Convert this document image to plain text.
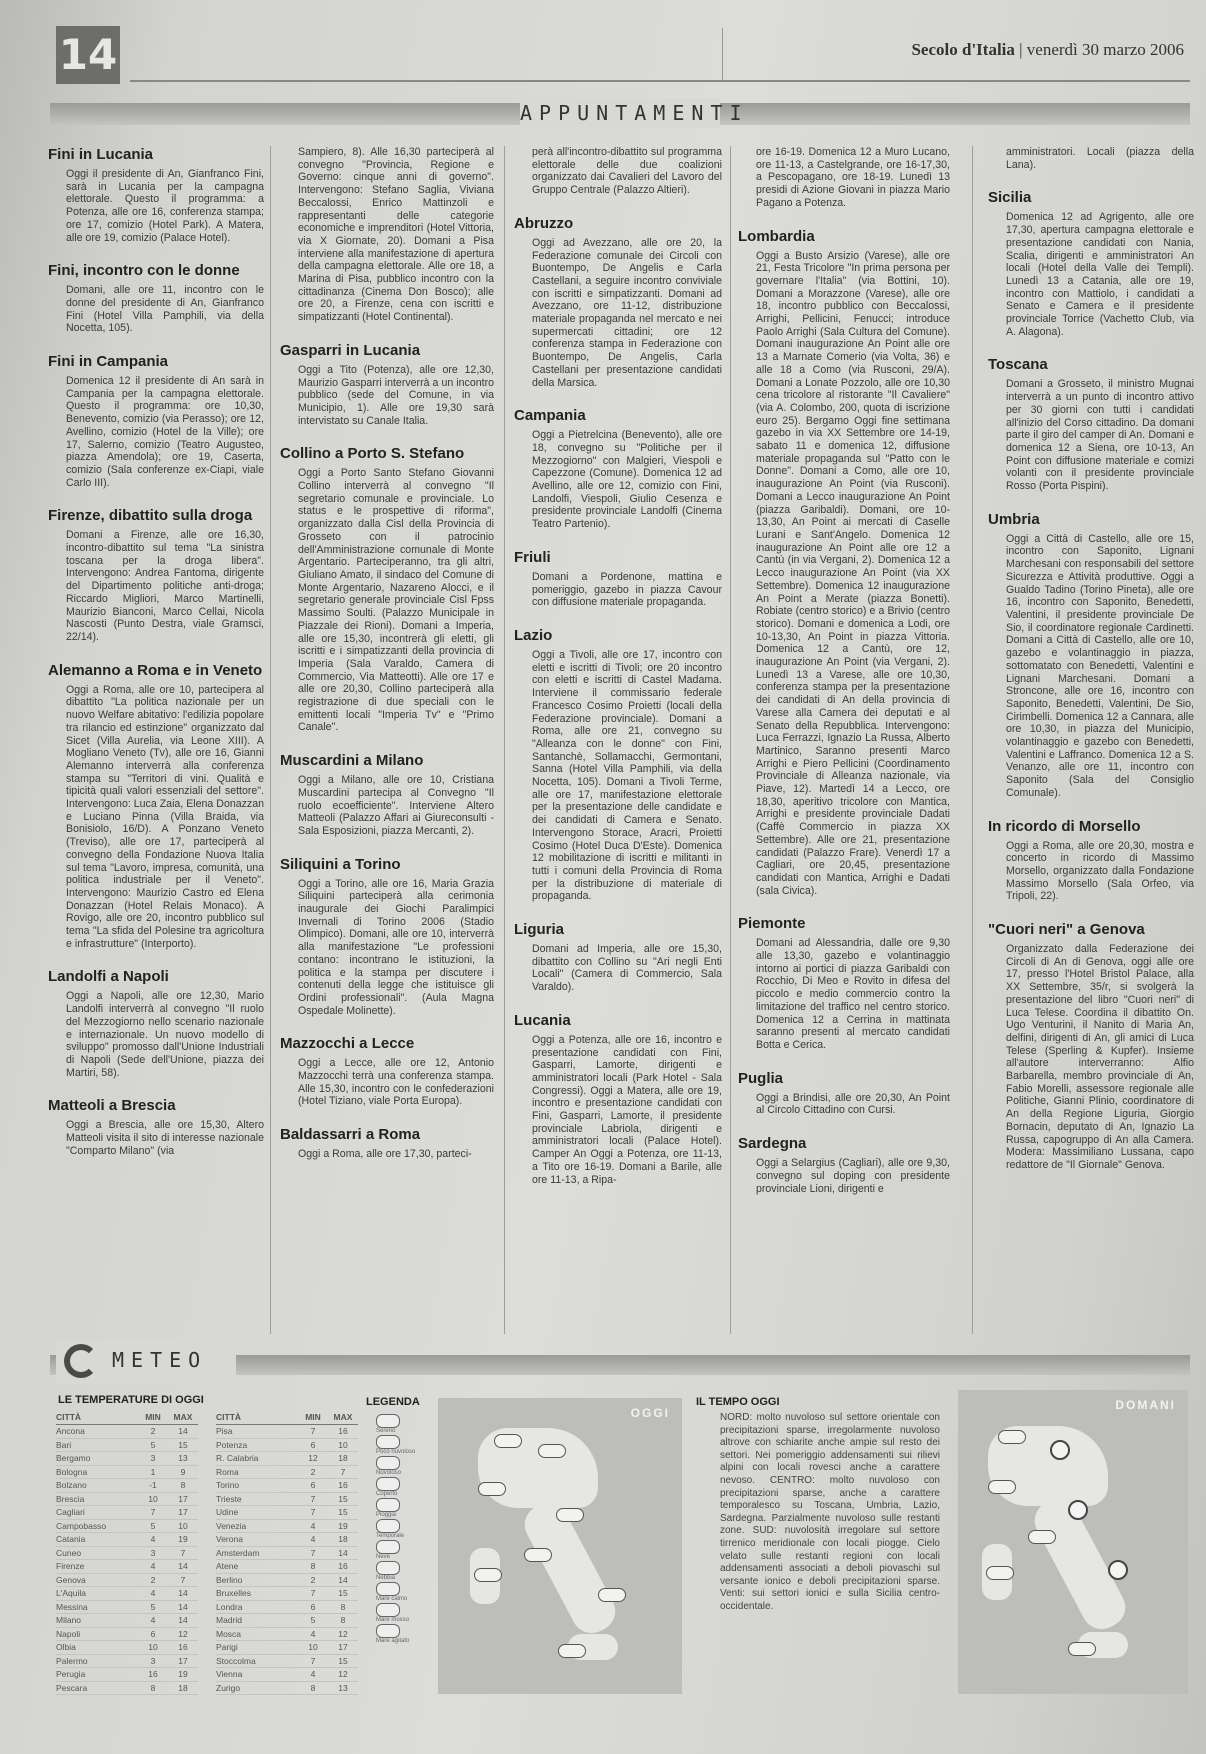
14	Secolo d'Italia | venerdì 30 marzo 2006
APPUNTAMENTI
Fini in Lucania
Oggi il presidente di An, Gianfranco Fini, sarà in Lucania per la campagna elettorale. Questo il programma: a Potenza, alle ore 16, conferenza stampa; ore 17, comizio (Hotel Park). A Matera, alle ore 19, comizio (Palace Hotel).
Fini, incontro con le donne
Domani, alle ore 11, incontro con le donne del presidente di An, Gianfranco Fini (Hotel Villa Pamphili, via della Nocetta, 105).
Fini in Campania
Domenica 12 il presidente di An sarà in Campania per la campagna elettorale. Questo il programma: ore 10,30, Benevento, comizio (via Perasso); ore 12, Avellino, comizio (Hotel de la Ville); ore 17, Salerno, comizio (Teatro Augusteo, piazza Amendola); ore 19, Caserta, comizio (Sala conferenze ex-Ciapi, viale Carlo III).
Firenze, dibattito sulla droga
Domani a Firenze, alle ore 16,30, incontro-dibattito sul tema "La sinistra toscana per la droga libera". Intervengono: Andrea Fantoma, dirigente del Dipartimento politiche anti-droga; Riccardo Migliori, Marco Martinelli, Maurizio Bianconi, Marco Cellai, Nicola Nascosti (Punto Destra, viale Gramsci, 22/14).
Alemanno a Roma e in Veneto
Oggi a Roma, alle ore 10, partecipera al dibattito "La politica nazionale per un nuovo Welfare abitativo: l'edilizia popolare tra rilancio ed estinzione" organizzato dal Sicet (Villa Aurelia, via Leone XIII). A Mogliano Veneto (Tv), alle ore 16, Gianni Alemanno interverrà alla conferenza stampa su "Territori di vini. Qualità e tipicità quali valori essenziali del settore". Intervengono: Luca Zaia, Elena Donazzan e Luciano Pinna (Villa Braida, via Bonisiolo, 16/D). A Ponzano Veneto (Treviso), alle ore 17, parteciperà al convegno della Fondazione Nuova Italia sul tema "Lavoro, impresa, comunità, una politica industriale per il Veneto". Intervengono: Maurizio Castro ed Elena Donazzan (Hotel Relais Monaco). A Rovigo, alle ore 20, incontro pubblico sul tema "La sfida del Polesine tra agricoltura e infrastrutture" (Interporto).
Landolfi a Napoli
Oggi a Napoli, alle ore 12,30, Mario Landolfi interverrà al convegno "Il ruolo del Mezzogiorno nello scenario nazionale e internazionale. Un nuovo modello di sviluppo" promosso dall'Unione Industriali di Napoli (Sede dell'Unione, piazza dei Martiri, 58).
Matteoli a Brescia
Oggi a Brescia, alle ore 15,30, Altero Matteoli visita il sito di interesse nazionale "Comparto Milano" (via
Sampiero, 8). Alle 16,30 parteciperà al convegno "Provincia, Regione e Governo: cinque anni di governo". Intervengono: Stefano Saglia, Viviana Beccalossi, Enrico Mattinzoli e rappresentanti delle categorie economiche e imprenditori (Hotel Vittoria, via X Giornate, 20). Domani a Pisa interviene alla manifestazione di apertura della campagna elettorale. Alle ore 18, a Marina di Pisa, pubblico incontro con la cittadinanza (Cinema Don Bosco); alle ore 20, a Firenze, cena con iscritti e simpatizzanti (Hotel Continental).
Gasparri in Lucania
Oggi a Tito (Potenza), alle ore 12,30, Maurizio Gasparri interverrà a un incontro pubblico (sede del Comune, in via Municipio, 1). Alle ore 19,30 sarà intervistato su Canale Italia.
Collino a Porto S. Stefano
Oggi a Porto Santo Stefano Giovanni Collino interverrà al convegno "Il segretario comunale e provinciale. Lo status e le prospettive di riforma", organizzato dalla Cisl della Provincia di Grosseto con il patrocinio dell'Amministrazione comunale di Monte Argentario. Parteciperanno, tra gli altri, Giuliano Amato, il sindaco del Comune di Monte Argentario, Nazareno Alocci, e il segretario generale provinciale Cisl Fpss Massimo Soulti. (Palazzo Municipale in Piazzale dei Rioni). Domani a Imperia, alle ore 15,30, incontrerà gli eletti, gli iscritti e i simpatizzanti della provincia di Imperia (Sala Varaldo, Camera di Commercio, Via Matteotti). Alle ore 17 e alle ore 20,30, Collino parteciperà alla registrazione di due speciali con le emittenti locali "Imperia Tv" e "Primo Canale".
Muscardini a Milano
Oggi a Milano, alle ore 10, Cristiana Muscardini partecipa al Convegno "Il ruolo ecoefficiente". Interviene Altero Matteoli (Palazzo Affari ai Giureconsulti - Sala Esposizioni, piazza Mercanti, 2).
Siliquini a Torino
Oggi a Torino, alle ore 16, Maria Grazia Siliquini parteciperà alla cerimonia inaugurale dei Giochi Paralimpici Invernali di Torino 2006 (Stadio Olimpico). Domani, alle ore 10, interverrà alla manifestazione "Le professioni contano: incontrano le istituzioni, la politica e la stampa per discutere i contenuti della legge che istituisce gli Ordini professionali". (Aula Magna Ospedale Molinette).
Mazzocchi a Lecce
Oggi a Lecce, alle ore 12, Antonio Mazzocchi terrà una conferenza stampa. Alle 15,30, incontro con le confederazioni (Hotel Tiziano, viale Porta Europa).
Baldassarri a Roma
Oggi a Roma, alle ore 17,30, parteci-
perà all'incontro-dibattito sul programma elettorale delle due coalizioni organizzato dai Cavalieri del Lavoro del Gruppo Centrale (Palazzo Altieri).
Abruzzo
Oggi ad Avezzano, alle ore 20, la Federazione comunale dei Circoli con Buontempo, De Angelis e Carla Castellani, a seguire incontro conviviale con iscritti e simpatizzanti. Domani ad Avezzano, ore 11-12, distribuzione materiale propaganda nel mercato e nei supermercati cittadini; ore 12 conferenza stampa in Federazione con Buontempo, De Angelis, Carla Castellani per presentazione candidati della Marsica.
Campania
Oggi a Pietrelcina (Benevento), alle ore 18, convegno su "Politiche per il Mezzogiorno" con Malgieri, Viespoli e Capezzone (Comune). Domenica 12 ad Avellino, alle ore 12, comizio con Fini, Landolfi, Viespoli, Giulio Cesenza e presidente provinciale Landolfi (Cinema Teatro Partenio).
Friuli
Domani a Pordenone, mattina e pomeriggio, gazebo in piazza Cavour con diffusione materiale propaganda.
Lazio
Oggi a Tivoli, alle ore 17, incontro con eletti e iscritti di Tivoli; ore 20 incontro con eletti e iscritti di Castel Madama. Interviene il commissario federale Francesco Cosimo Proietti (locali della Federazione provinciale). Domani a Roma, alle ore 21, convegno su "Alleanza con le donne" con Fini, Santanchè, Sollamacchi, Germontani, Sanna (Hotel Villa Pamphili, via della Nocetta, 105). Domani a Tivoli Terme, alle ore 17, manifestazione elettorale per la presentazione delle candidate e dei candidati di Camera e Senato. Intervengono Storace, Aracri, Proietti Cosimo (Hotel Duca D'Este). Domenica 12 mobilitazione di iscritti e militanti in tutti i comuni della Provincia di Roma per la distribuzione di materiale di propaganda.
Liguria
Domani ad Imperia, alle ore 15,30, dibattito con Collino su "Ari negli Enti Locali" (Camera di Commercio, Sala Varaldo).
Lucania
Oggi a Potenza, alle ore 16, incontro e presentazione candidati con Fini, Gasparri, Lamorte, dirigenti e amministratori locali (Park Hotel - Sala Congressi). Oggi a Matera, alle ore 19, incontro e presentazione candidati con Fini, Gasparri, Lamorte, il presidente provinciale Labriola, dirigenti e amministratori locali (Palace Hotel). Camper An Oggi a Potenza, ore 11-13, a Tito ore 16-19. Domani a Barile, alle ore 11-13, a Ripa-
ore 16-19. Domenica 12 a Muro Lucano, ore 11-13, a Castelgrande, ore 16-17,30, a Pescopagano, ore 18-19. Lunedì 13 presidi di Azione Giovani in piazza Mario Pagano a Potenza.
Lombardia
Oggi a Busto Arsizio (Varese), alle ore 21, Festa Tricolore "In prima persona per governare l'Italia" (via Bottini, 10). Domani a Morazzone (Varese), alle ore 18, incontro pubblico con Beccalossi, Arrighi, Pellicini, Fenucci; introduce Paolo Arrighi (Sala Cultura del Comune). Domani inaugurazione An Point alle ore 13 a Marnate Comerio (via Volta, 36) e alle 18 a Como (via Rusconi, 29/A). Domani a Lonate Pozzolo, alle ore 10,30 cena tricolore al ristorante "Il Cavaliere" (via A. Colombo, 200, quota di iscrizione euro 25). Bergamo Oggi fine settimana gazebo in via XX Settembre ore 14-19, sabato 11 e domenica 12, diffusione materiale propaganda sul "Patto con le Donne". Domani a Como, alle ore 10, inaugurazione An Point (via Rusconi). Domani a Lecco inaugurazione An Point (piazza Garibaldi). Domani, ore 10-13,30, An Point ai mercati di Caselle Lurani e Sant'Angelo. Domenica 12 inaugurazione An Point alle ore 12 a Cantù (in via Vergani, 2). Domenica 12 a Lecco inaugurazione An Point (via XX Settembre). Domenica 12 inaugurazione An Point a Merate (piazza Bonetti). Robiate (centro storico) e a Brivio (centro storico). Domani e domenica a Lodi, ore 10-13,30, An Point in piazza Vittoria. Domenica 12 a Cantù, ore 12, inaugurazione An Point (via Vergani, 2). Lunedì 13 a Varese, alle ore 10,30, conferenza stampa per la presentazione dei candidati di An della provincia di Varese alla Camera dei deputati e al Senato della Repubblica. Intervengono: Luca Ferrazzi, Ignazio La Russa, Alberto Martinico, Saranno presenti Marco Arrighi e Piero Pellicini (Coordinamento Provinciale di Alleanza nazionale, via Piave, 12). Martedì 14 a Lecco, ore 18,30, aperitivo tricolore con Mantica, Arrighi e presidente provinciale Dadati (Caffè Commercio in piazza XX Settembre). Alle ore 21, presentazione candidati (Palazzo Frare). Venerdì 17 a Cagliari, ore 20,45, presentazione candidati con Mantica, Arrighi e Dadati (sala Civica).
Piemonte
Domani ad Alessandria, dalle ore 9,30 alle 13,30, gazebo e volantinaggio intorno ai portici di piazza Garibaldi con Rocchio, Di Meo e Rovito in difesa del piccolo e medio commercio contro la limitazione del traffico nel centro storico. Domenica 12 a Cerrina in mattinata saranno presenti al mercato candidati Botta e Cerica.
Puglia
Oggi a Brindisi, alle ore 20,30, An Point al Circolo Cittadino con Cursi.
Sardegna
Oggi a Selargius (Cagliari), alle ore 9,30, convegno sul doping con presidente provinciale Lioni, dirigenti e
amministratori. Locali (piazza della Lana).
Sicilia
Domenica 12 ad Agrigento, alle ore 17,30, apertura campagna elettorale e presentazione candidati con Nania, Scalia, dirigenti e amministratori An locali (Hotel della Valle dei Templi). Lunedì 13 a Catania, alle ore 19, incontro con Mattiolo, i candidati a Senato e Camera e il presidente provinciale Torrice (Vachetto Club, via A. Alagona).
Toscana
Domani a Grosseto, il ministro Mugnai interverrà a un punto di incontro attivo per 30 giorni con tutti i candidati all'inizio del Corso cittadino. Da domani parte il giro del camper di An. Domani e domenica 12 a Siena, ore 10-13, An Point con diffusione materiale e comizi volanti con il presidente provinciale Rosso (Porta Pispini).
Umbria
Oggi a Città di Castello, alle ore 15, incontro con Saponito, Lignani Marchesani con responsabili del settore Sicurezza e Attività produttive. Oggi a Gualdo Tadino (Torino Pineta), alle ore 16, incontro con Saponito, Benedetti, Valentini, il presidente provinciale De Sio, il coordinatore regionale Cardinetti. Domani a Città di Castello, alle ore 10, gazebo e volantinaggio in piazza, sottomatato con Benedetti, Valentini e Lignani Marchesani. Domani a Stroncone, alle ore 16, incontro con Saponito, Benedetti, Valentini, De Sio, Cirimbelli. Domenica 12 a Cannara, alle ore 10,30, in piazza del Municipio, volantinaggio e gazebo con Benedetti, Valentini e Laffranco. Domenica 12 a S. Venanzo, alle ore 11, incontro con Saponito (Sala del Consiglio Comunale).
In ricordo di Morsello
Oggi a Roma, alle ore 20,30, mostra e concerto in ricordo di Massimo Morsello, organizzato dalla Fondazione Massimo Morsello (Sala Orfeo, via Tripoli, 22).
"Cuori neri" a Genova
Organizzato dalla Federazione dei Circoli di An di Genova, oggi alle ore 17, presso l'Hotel Bristol Palace, alla XX Settembre, 35/r, si svolgerà la presentazione del libro "Cuori neri" di Luca Telese. Coordina il dibattito On. Ugo Venturini, il Nanito di Maria An, delfini, dirigenti di An, gli amici di Luca Telese (Sperling & Kupfer). Insieme all'autore interverranno: Alfio Barbarella, membro provinciale di An, Fabio Morelli, assessore regionale alle Politiche, Gianni Plinio, coordinatore di An della Regione Liguria, Giorgio Bornacin, deputato di An, Ignazio La Russa, capogruppo di An alla Camera. Modera: Massimiliano Lussana, capo redattore de "Il Giornale" Genova.
METEO
LE TEMPERATURE DI OGGI
CITTÀ	MIN	MAX
Ancona	2	14
Bari	5	15
Bergamo	3	13
Bologna	1	9
Bolzano	-1	8
Brescia	10	17
Cagliari	7	17
Campobasso	5	10
Catania	4	19
Cuneo	3	7
Firenze	4	14
Genova	2	7
L'Aquila	4	14
Messina	5	14
Milano	4	14
Napoli	6	12
Olbia	10	16
Palermo	3	17
Perugia	16	19
Pescara	8	18
CITTÀ	MIN	MAX
Pisa	7	16
Potenza	6	10
R. Calabria	12	18
Roma	2	7
Torino	6	16
Trieste	7	15
Udine	7	15
Venezia	4	19
Verona	4	18
Amsterdam	7	14
Atene	8	16
Berlino	2	14
Bruxelles	7	15
Londra	6	8
Madrid	5	8
Mosca	4	12
Parigi	10	17
Stoccolma	7	15
Vienna	4	12
Zurigo	8	13
LEGENDA
Sereno
Poco nuvoloso
Nuvoloso
Coperto
Pioggia
Temporale
Neve
Nebbia
Mare calmo
Mare mosso
Mare agitato
OGGI
IL TEMPO OGGI
NORD: molto nuvoloso sul settore orientale con precipitazioni sparse, irregolarmente nuvoloso altrove con schiarite anche ampie sul resto dei settori. Nei pomeriggio addensamenti sui rilievi alpini con locali rovesci anche a carattere nevoso. CENTRO: molto nuvoloso con precipitazioni sparse, anche a carattere temporalesco su Toscana, Umbria, Lazio, Sardegna. Parzialmente nuvoloso sulle restanti zone. SUD: nuvolosità irregolare sul settore tirrenico meridionale con locali piogge. Cielo velato sulle restanti regioni con locali addensamenti associati a deboli piovaschi sul versante ionico e deboli precipitazioni sparse. Venti: sui settori ionici e sulla Sicilia centro-occidentale.
DOMANI
